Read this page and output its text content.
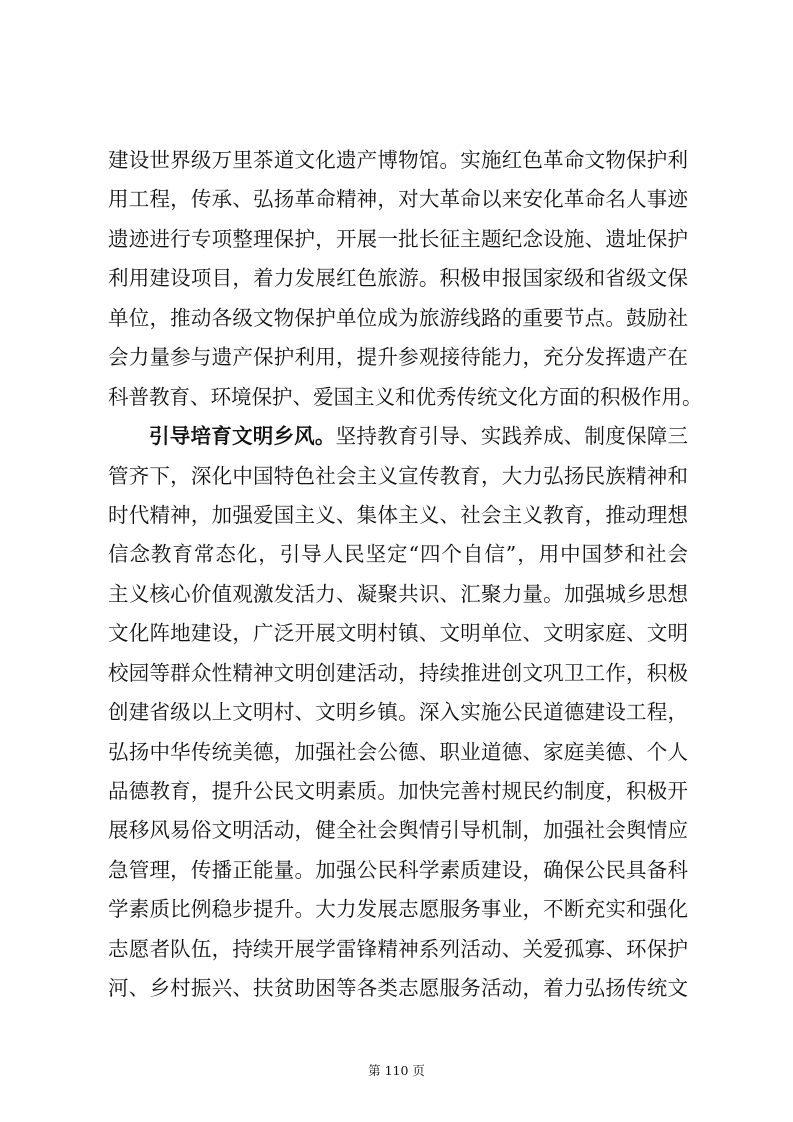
建设世界级万里茶道文化遗产博物馆。实施红色革命文物保护利
用工程，传承、弘扬革命精神，对大革命以来安化革命名人事迹
遗迹进行专项整理保护，开展一批长征主题纪念设施、遗址保护
利用建设项目，着力发展红色旅游。积极申报国家级和省级文保
单位，推动各级文物保护单位成为旅游线路的重要节点。鼓励社
会力量参与遗产保护利用，提升参观接待能力，充分发挥遗产在
科普教育、环境保护、爱国主义和优秀传统文化方面的积极作用。
引导培育文明乡风。坚持教育引导、实践养成、制度保障三
管齐下，深化中国特色社会主义宣传教育，大力弘扬民族精神和
时代精神，加强爱国主义、集体主义、社会主义教育，推动理想
信念教育常态化，引导人民坚定“四个自信”，用中国梦和社会
主义核心价值观激发活力、凝聚共识、汇聚力量。加强城乡思想
文化阵地建设，广泛开展文明村镇、文明单位、文明家庭、文明
校园等群众性精神文明创建活动，持续推进创文巩卫工作，积极
创建省级以上文明村、文明乡镇。深入实施公民道德建设工程，
弘扬中华传统美德，加强社会公德、职业道德、家庭美德、个人
品德教育，提升公民文明素质。加快完善村规民约制度，积极开
展移风易俗文明活动，健全社会舆情引导机制，加强社会舆情应
急管理，传播正能量。加强公民科学素质建设，确保公民具备科
学素质比例稳步提升。大力发展志愿服务事业，不断充实和强化
志愿者队伍，持续开展学雷锋精神系列活动、关爱孤寡、环保护
河、乡村振兴、扶贫助困等各类志愿服务活动，着力弘扬传统文
第 110 页
